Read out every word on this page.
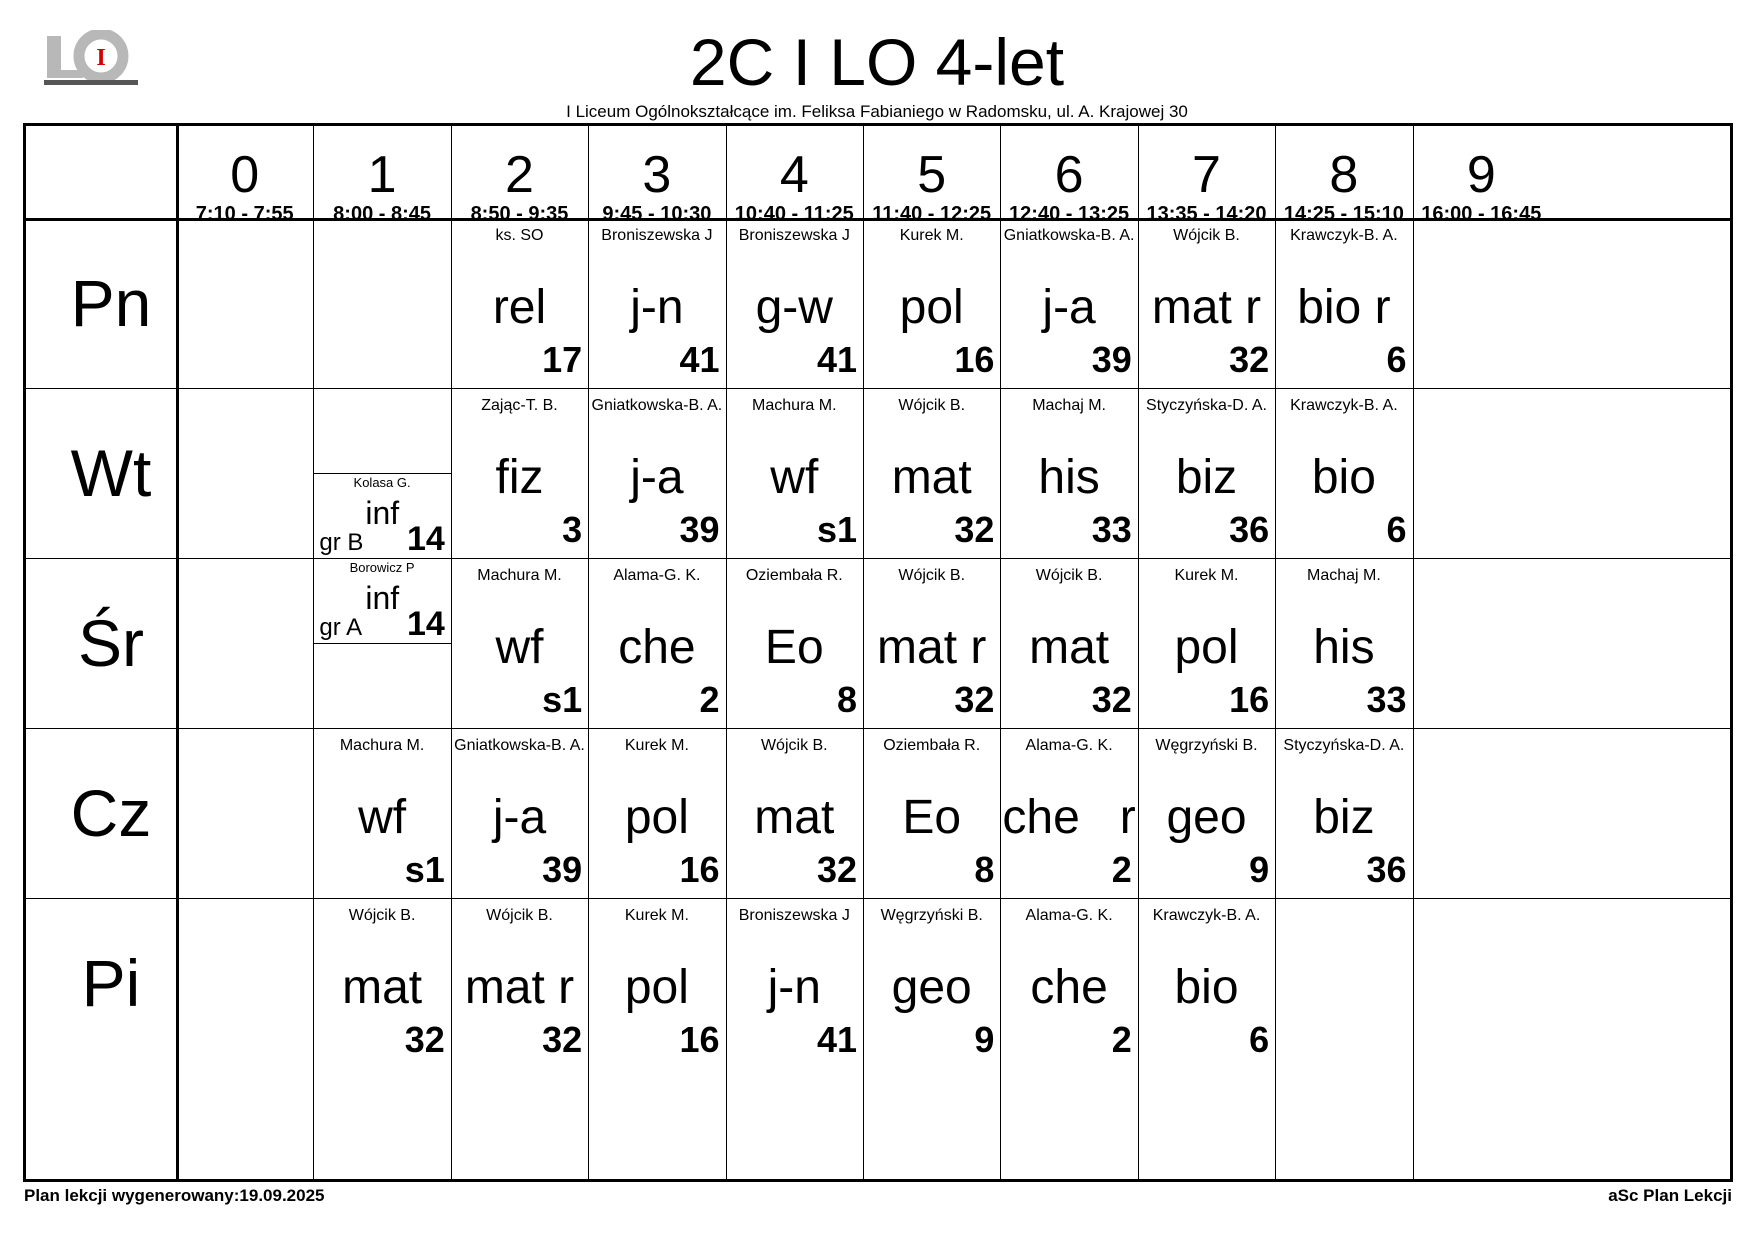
I	2C I LO 4-let
I Liceum Ogólnokształcące im. Feliksa Fabianiego w Radomsku, ul. A. Krajowej 30
0
7:10 - 7:55
1
8:00 - 8:45
2
8:50 - 9:35
3
9:45 - 10:30
4
10:40 - 11:25
5
11:40 - 12:25
6
12:40 - 13:25
7
13:35 - 14:20
8
14:25 - 15:10
9
16:00 - 16:45
Pn
ks. SO
rel
17
Broniszewska J
j-n
41
Broniszewska J
g-w
41
Kurek M.
pol
16
Gniatkowska-B. A.
j-a
39
Wójcik B.
mat r
32
Krawczyk-B. A.
bio r
6
Wt
Zając-T. B.
fiz
3
Gniatkowska-B. A.
j-a
39
Machura M.
wf
s1
Wójcik B.
mat
32
Machaj M.
his
33
Styczyńska-D. A.
biz
36
Krawczyk-B. A.
bio
6
Śr
Machura M.
wf
s1
Alama-G. K.
che
2
Oziembała R.
Eo
8
Wójcik B.
mat r
32
Wójcik B.
mat
32
Kurek M.
pol
16
Machaj M.
his
33
Cz
Machura M.
wf
s1
Gniatkowska-B. A.
j-a
39
Kurek M.
pol
16
Wójcik B.
mat
32
Oziembała R.
Eo
8
Alama-G. K.
che   r
2
Węgrzyński B.
geo
9
Styczyńska-D. A.
biz
36
Pi
Wójcik B.
mat
32
Wójcik B.
mat r
32
Kurek M.
pol
16
Broniszewska J
j-n
41
Węgrzyński B.
geo
9
Alama-G. K.
che
2
Krawczyk-B. A.
bio
6
Kolasa G.
inf
gr B 14
Borowicz P
inf
gr A 14
Plan lekcji wygenerowany:19.09.2025	aSc Plan Lekcji
